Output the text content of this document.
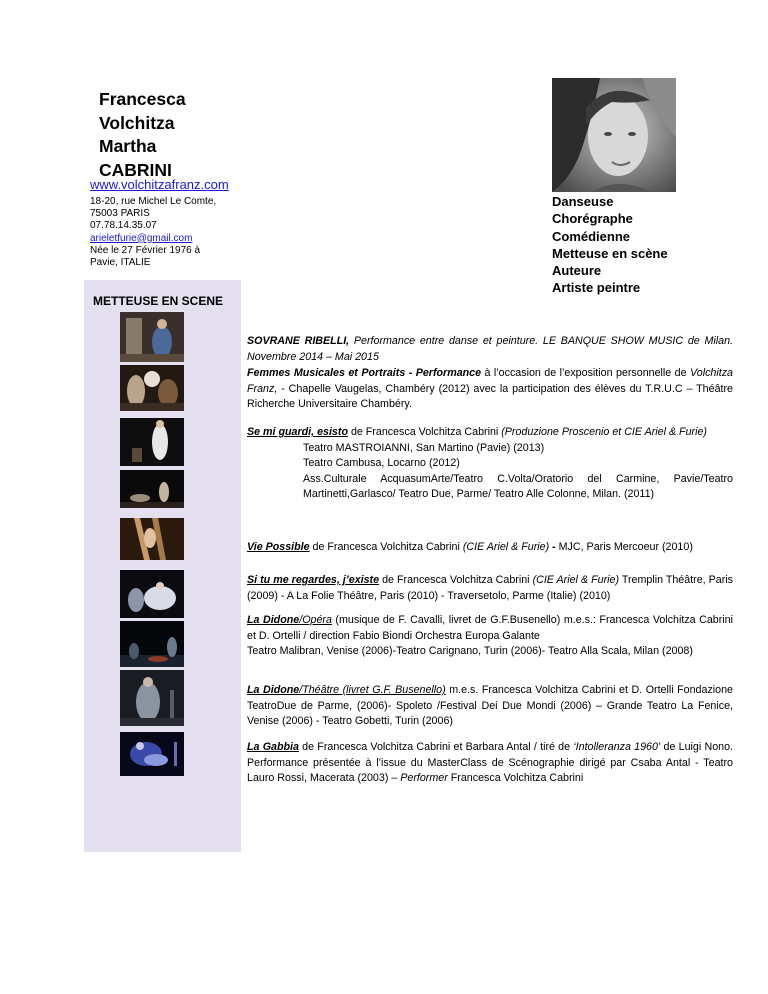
Francesca
Volchitza
Martha
CABRINI
www.volchitzafranz.com
18-20, rue Michel Le Comte,
75003 PARIS
07.78.14.35.07
arieletfurie@gmail.com
Née le 27 Février 1976 à
Pavie, ITALIE
Danseuse
Chorégraphe
Comédienne
Metteuse en scène
Auteure
Artiste peintre
METTEUSE EN SCENE

SOVRANE RIBELLI, Performance entre danse et peinture. LE BANQUE SHOW MUSIC de Milan. Novembre 2014 – Mai 2015

Femmes Musicales et Portraits - Performance à l’occasion de l’exposition personnelle de Volchitza Franz, - Chapelle Vaugelas, Chambéry (2012) avec la participation des élèves du T.R.U.C – Théâtre Richerche Universitaire Chambéry.

Se mi guardi, esisto de Francesca Volchitza Cabrini (Produzione Proscenio et CIE Ariel & Furie)

Teatro MASTROIANNI, San Martino (Pavie) (2013)

Teatro Cambusa, Locarno (2012)

Ass.Culturale AcquasumArte/Teatro C.Volta/Oratorio del Carmine, Pavie/Teatro Martinetti,Garlasco/ Teatro Due, Parme/ Teatro Alle Colonne, Milan. (2011)

Vie Possible de Francesca Volchitza Cabrini (CIE Ariel & Furie) - MJC, Paris Mercoeur (2010)

Si tu me regardes, j’existe de Francesca Volchitza Cabrini (CIE Ariel & Furie) Tremplin Théâtre, Paris (2009) - A La Folie Théâtre, Paris (2010) - Traversetolo, Parme (Italie) (2010)

La Didone/Opéra (musique de F. Cavalli, livret de G.F.Busenello) m.e.s.: Francesca Volchitza Cabrini et D. Ortelli / direction Fabio Biondi Orchestra Europa Galante

Teatro Malibran, Venise (2006)-Teatro Carignano, Turin (2006)- Teatro Alla Scala, Milan (2008)

La Didone/Théâtre (livret G.F. Busenello) m.e.s. Francesca Volchitza Cabrini et D. Ortelli Fondazione TeatroDue de Parme, (2006)- Spoleto /Festival Dei Due Mondi (2006) – Grande Teatro La Fenice, Venise (2006) - Teatro Gobetti, Turin (2006)

La Gabbia de Francesca Volchitza Cabrini et Barbara Antal / tiré de ‘Intolleranza 1960’ de Luigi Nono. Performance présentée à l’issue du MasterClass de Scénographie dirigé par Csaba Antal - Teatro Lauro Rossi, Macerata (2003) – Performer Francesca Volchitza Cabrini
